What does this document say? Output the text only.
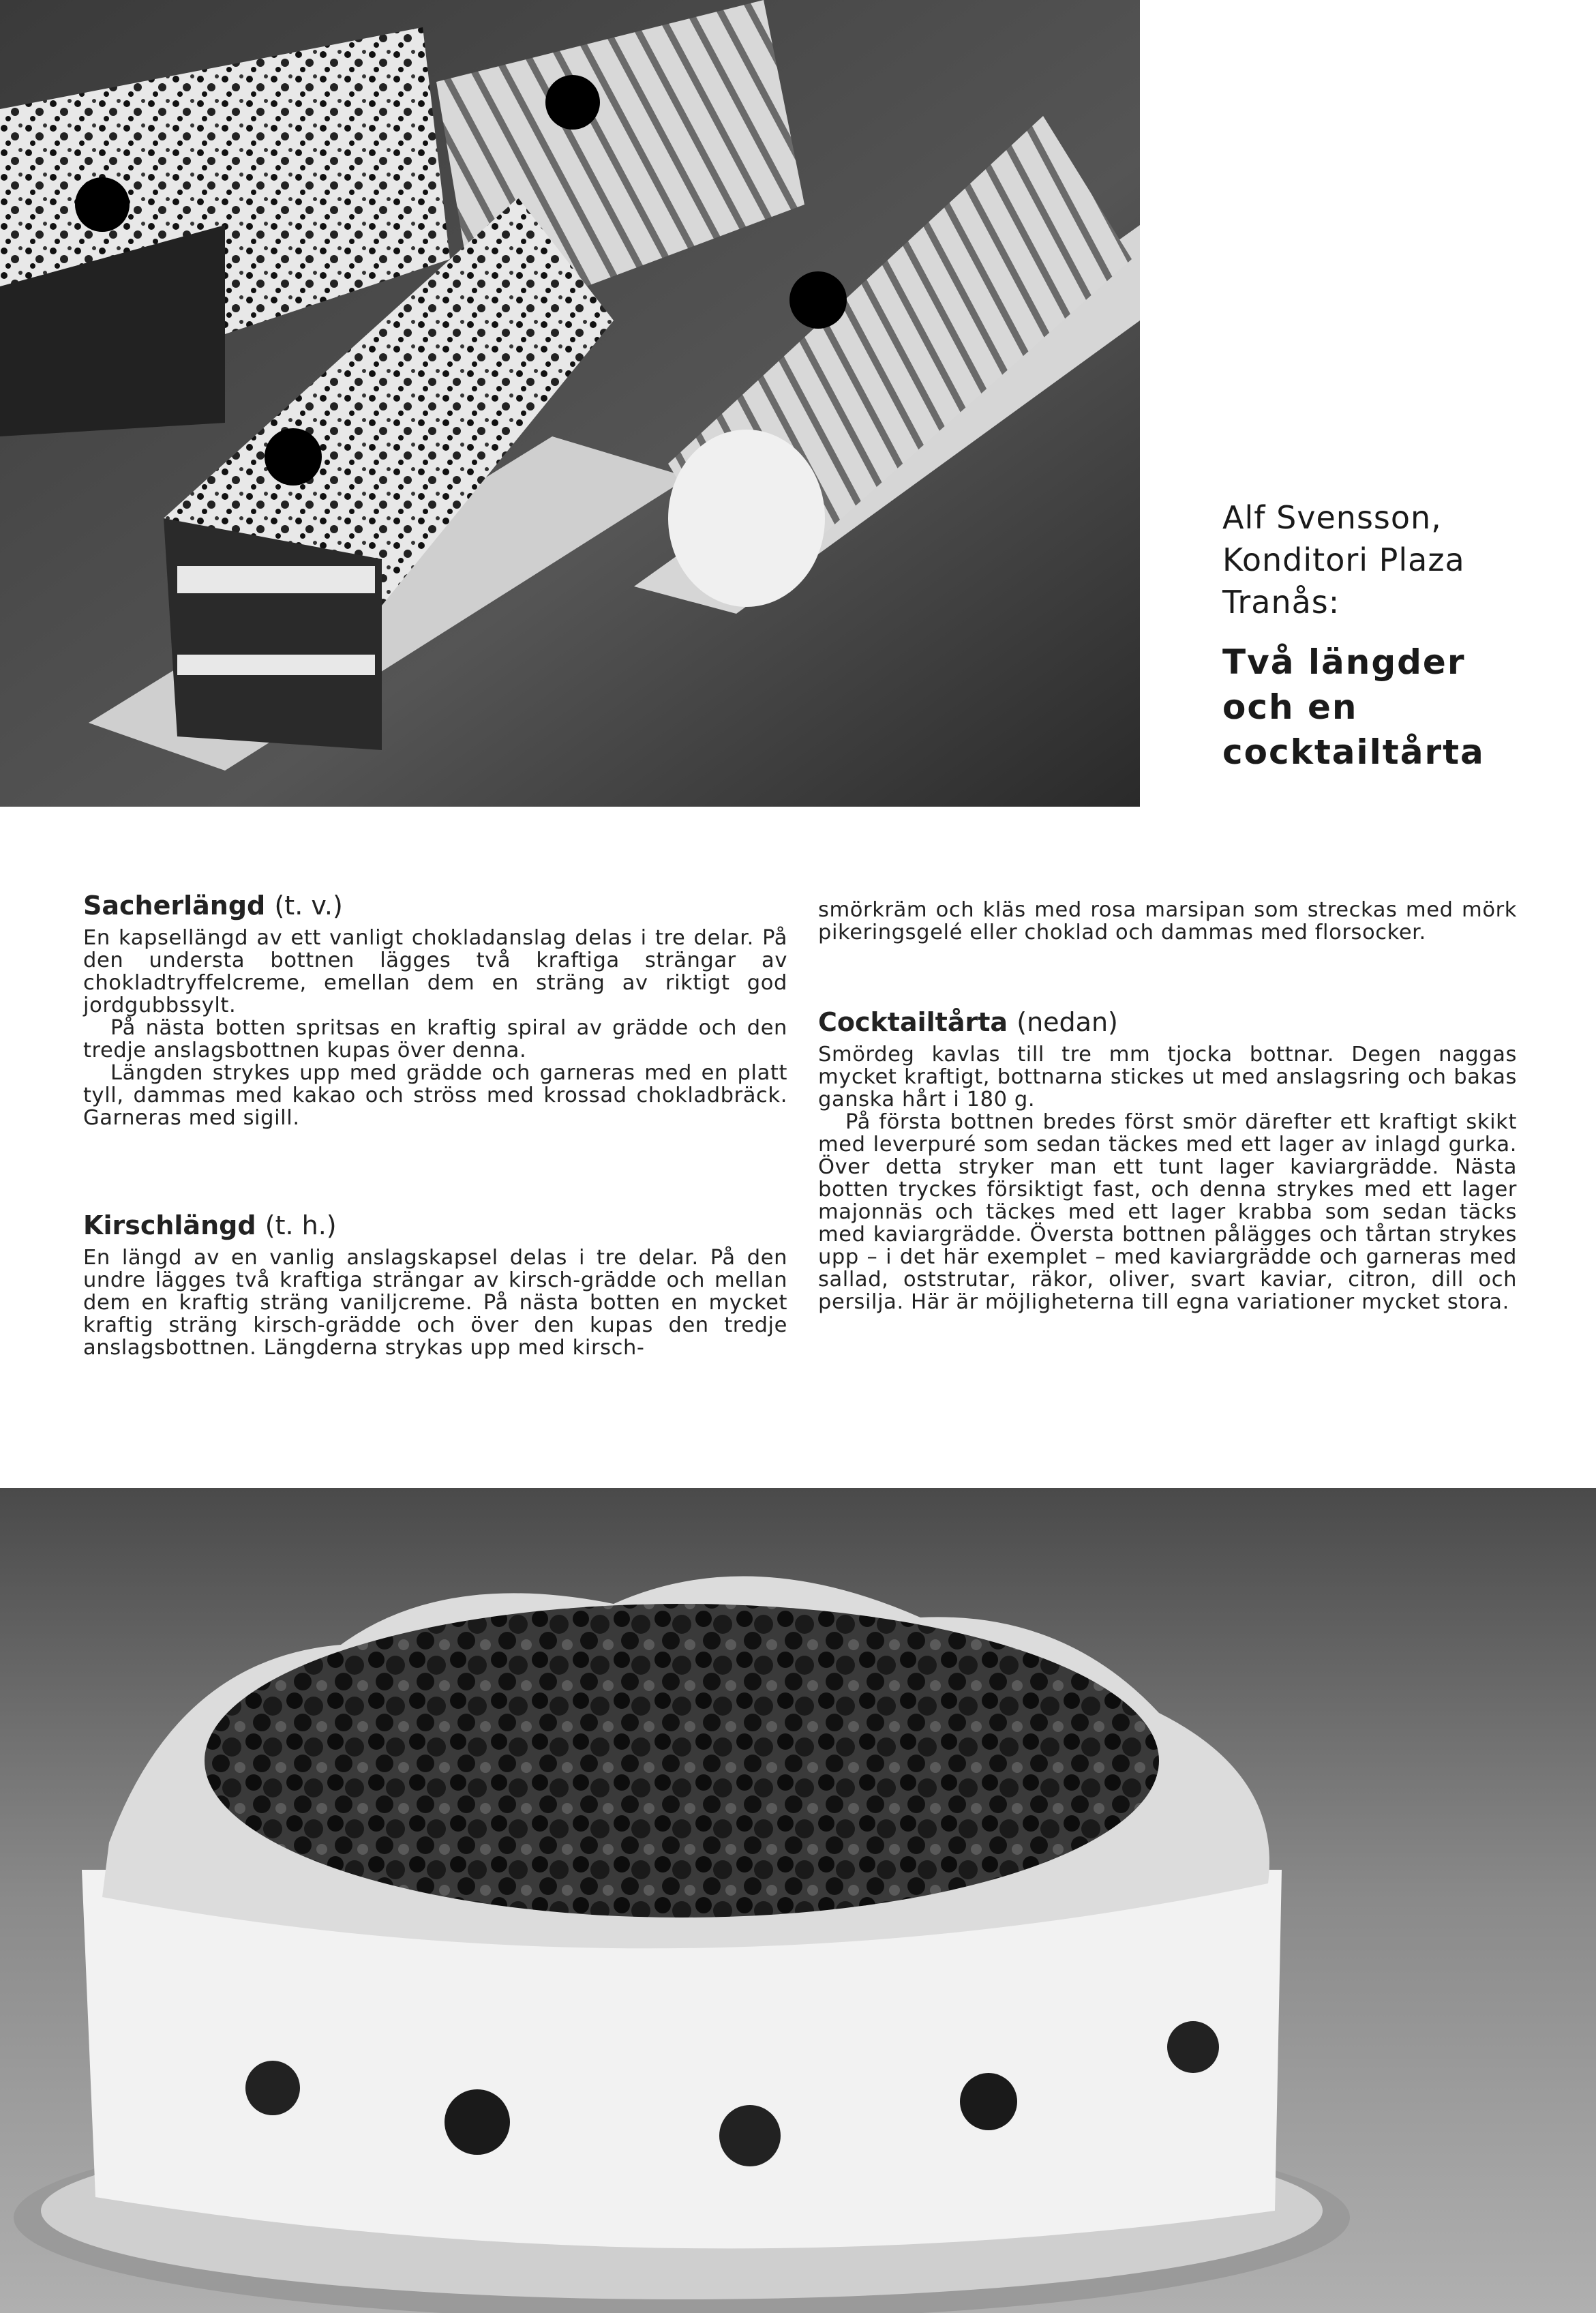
Alf Svensson,
Konditori Plaza
Tranås:
Två längder
och en
cocktailtårta
Sacherlängd (t. v.)

En kapsellängd av ett vanligt chokladanslag delas i tre delar. På den understa bottnen lägges två kraftiga strängar av chokladtryffelcreme, emellan dem en sträng av riktigt god jordgubbssylt.

På nästa botten spritsas en kraftig spiral av grädde och den tredje anslagsbottnen kupas över denna.

Längden strykes upp med grädde och garneras med en platt tyll, dammas med kakao och ströss med krossad chokladbräck. Garneras med sigill.

Kirschlängd (t. h.)

En längd av en vanlig anslagskapsel delas i tre delar. På den undre lägges två kraftiga strängar av kirsch-grädde och mellan dem en kraftig sträng vaniljcreme. På nästa botten en mycket kraftig sträng kirsch-grädde och över den kupas den tredje anslagsbottnen. Längderna strykas upp med kirsch-

smörkräm och kläs med rosa marsipan som streckas med mörk pikeringsgelé eller choklad och dammas med florsocker.

Cocktailtårta (nedan)

Smördeg kavlas till tre mm tjocka bottnar. Degen naggas mycket kraftigt, bottnarna stickes ut med anslagsring och bakas ganska hårt i 180 g.

På första bottnen bredes först smör därefter ett kraftigt skikt med leverpuré som sedan täckes med ett lager av inlagd gurka. Över detta stryker man ett tunt lager kaviargrädde. Nästa botten tryckes försiktigt fast, och denna strykes med ett lager majonnäs och täckes med ett lager krabba som sedan täcks med kaviargrädde. Översta bottnen pålägges och tårtan strykes upp – i det här exemplet – med kaviargrädde och garneras med sallad, oststrutar, räkor, oliver, svart kaviar, citron, dill och persilja. Här är möjligheterna till egna variationer mycket stora.
